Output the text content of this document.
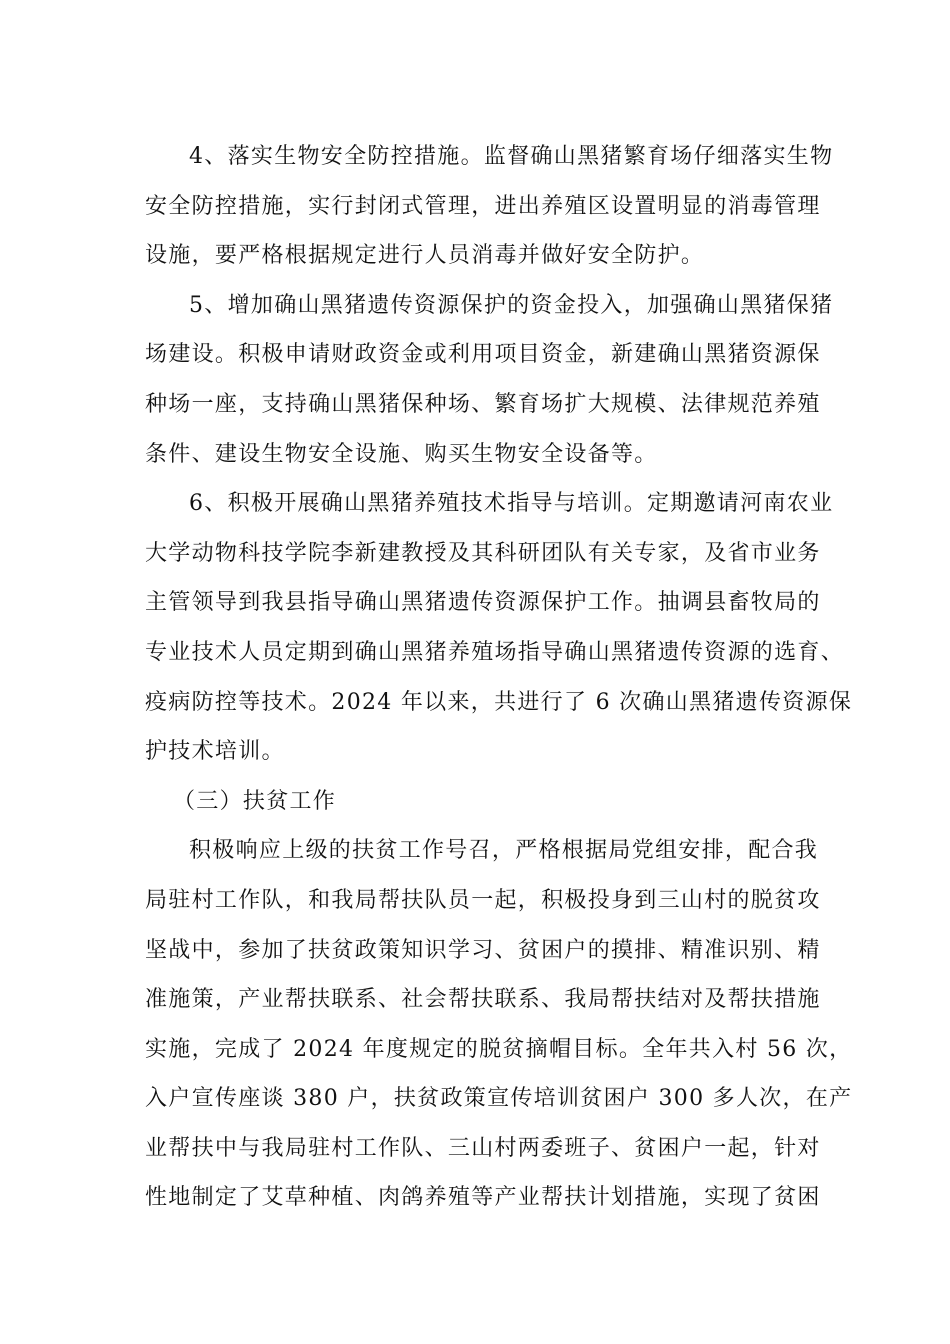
4、落实生物安全防控措施。监督确山黑猪繁育场仔细落实生物
安全防控措施，实行封闭式管理，进出养殖区设置明显的消毒管理
设施，要严格根据规定进行人员消毒并做好安全防护。

5、增加确山黑猪遗传资源保护的资金投入，加强确山黑猪保猪
场建设。积极申请财政资金或利用项目资金，新建确山黑猪资源保
种场一座，支持确山黑猪保种场、繁育场扩大规模、法律规范养殖
条件、建设生物安全设施、购买生物安全设备等。

6、积极开展确山黑猪养殖技术指导与培训。定期邀请河南农业
大学动物科技学院李新建教授及其科研团队有关专家，及省市业务
主管领导到我县指导确山黑猪遗传资源保护工作。抽调县畜牧局的
专业技术人员定期到确山黑猪养殖场指导确山黑猪遗传资源的选育、
疫病防控等技术。2024 年以来，共进行了 6 次确山黑猪遗传资源保
护技术培训。

（三）扶贫工作

积极响应上级的扶贫工作号召，严格根据局党组安排，配合我
局驻村工作队，和我局帮扶队员一起，积极投身到三山村的脱贫攻
坚战中，参加了扶贫政策知识学习、贫困户的摸排、精准识别、精
准施策，产业帮扶联系、社会帮扶联系、我局帮扶结对及帮扶措施
实施，完成了 2024 年度规定的脱贫摘帽目标。全年共入村 56 次，
入户宣传座谈 380 户，扶贫政策宣传培训贫困户 300 多人次，在产
业帮扶中与我局驻村工作队、三山村两委班子、贫困户一起，针对
性地制定了艾草种植、肉鸽养殖等产业帮扶计划措施，实现了贫困
